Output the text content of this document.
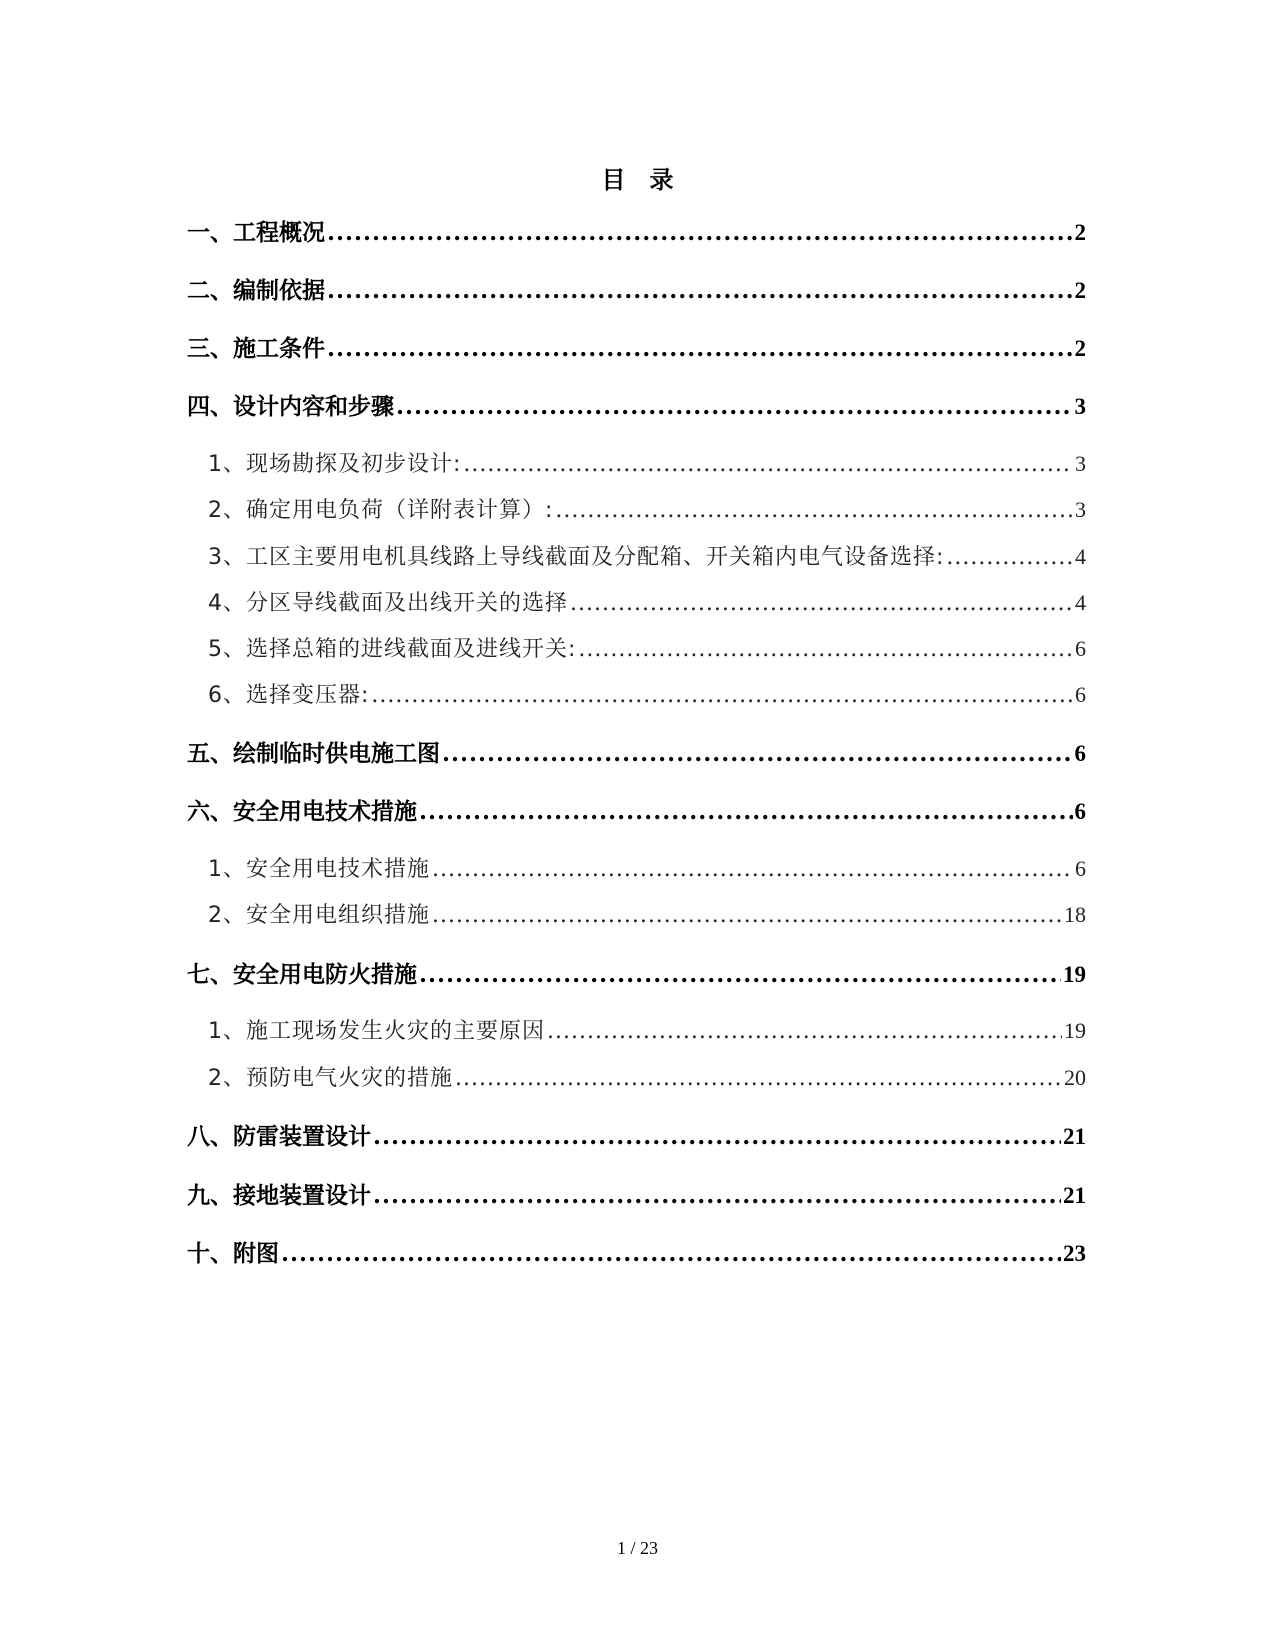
目　录
一、工程概况 .....	2
二、编制依据 .....	2
三、施工条件 .....	2
四、设计内容和步骤 .....	3
1、现场勘探及初步设计: .....	3
2、确定用电负荷（详附表计算）: .....	3
3、工区主要用电机具线路上导线截面及分配箱、开关箱内电气设备选择: .....	4
4、分区导线截面及出线开关的选择 .....	4
5、选择总箱的进线截面及进线开关: .....	6
6、选择变压器: .....	6
五、绘制临时供电施工图 .....	6
六、安全用电技术措施 .....	6
1、安全用电技术措施 .....	6
2、安全用电组织措施 .....	18
七、安全用电防火措施 .....	19
1、施工现场发生火灾的主要原因 .....	19
2、预防电气火灾的措施 .....	20
八、防雷装置设计 .....	21
九、接地装置设计 .....	21
十、附图 .....	23
1 / 23
